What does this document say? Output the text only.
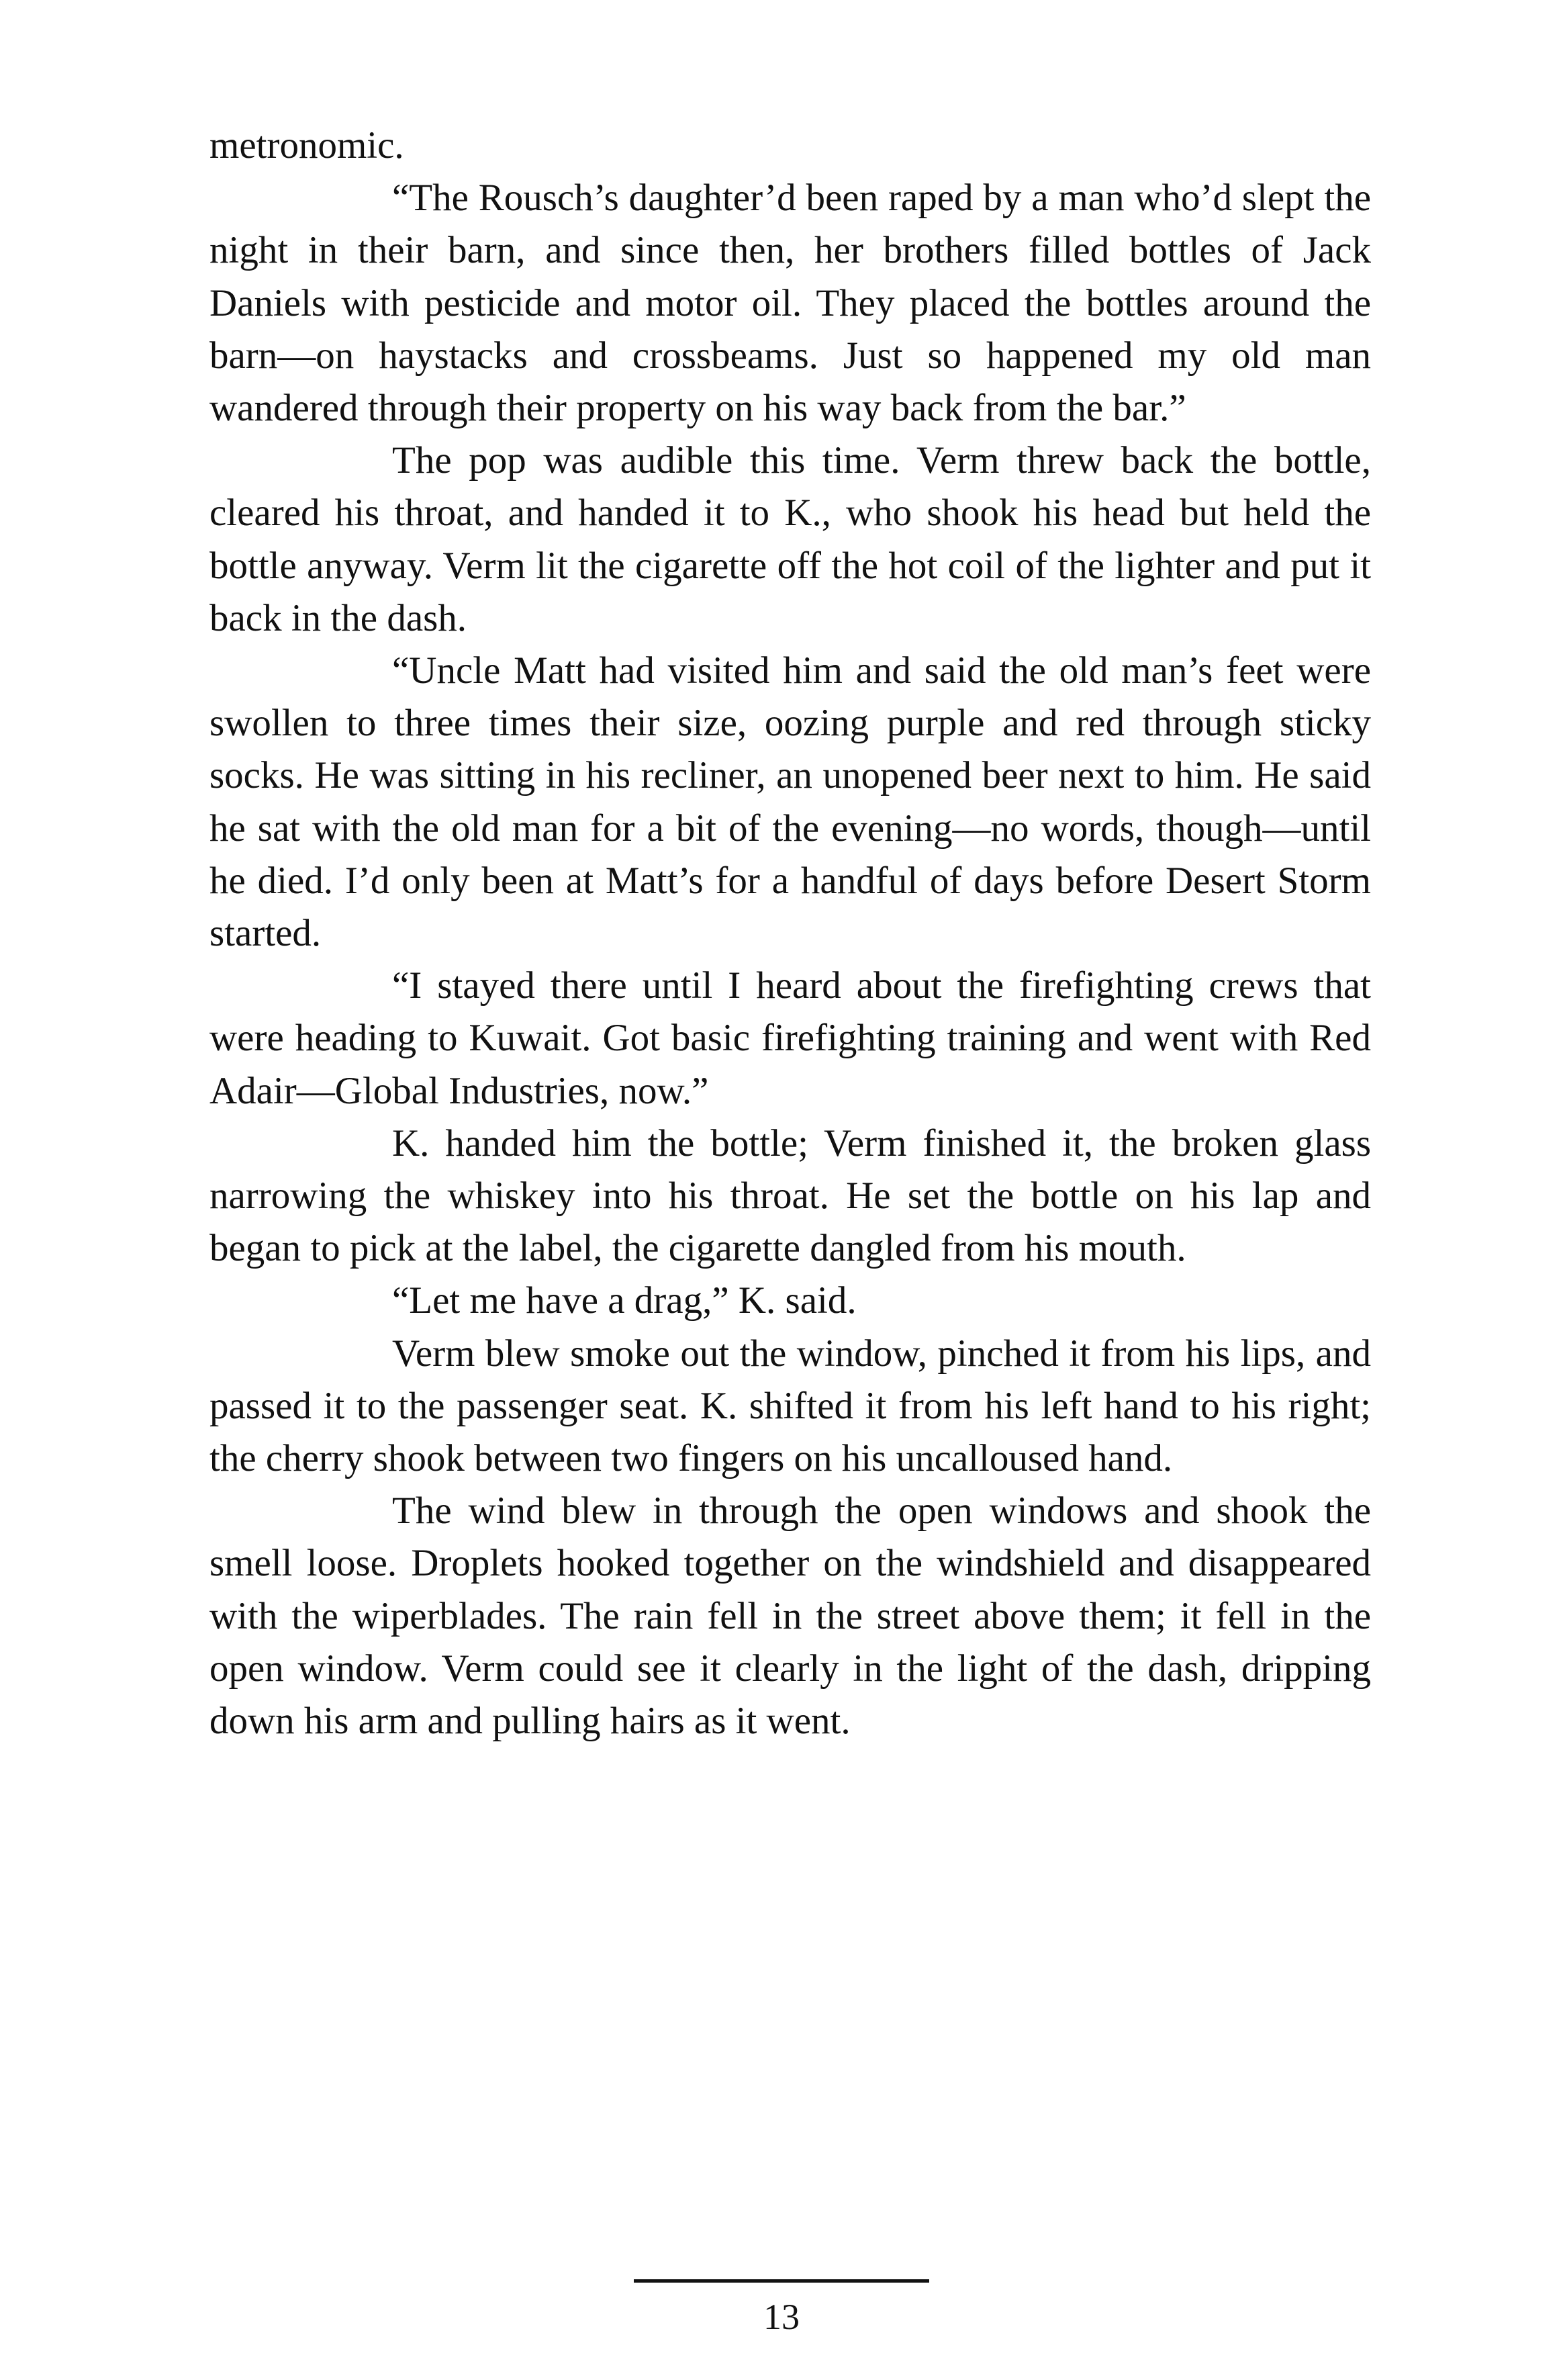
metronomic.

“The Rousch’s daughter’d been raped by a man who’d slept the night in their barn, and since then, her brothers filled bottles of Jack Daniels with pesticide and motor oil. They placed the bottles around the barn—on haystacks and crossbeams. Just so happened my old man wandered through their property on his way back from the bar.”

The pop was audible this time. Verm threw back the bottle, cleared his throat, and handed it to K., who shook his head but held the bottle anyway. Verm lit the cigarette off the hot coil of the lighter and put it back in the dash.

“Uncle Matt had visited him and said the old man’s feet were swollen to three times their size, oozing purple and red through sticky socks. He was sitting in his recliner, an unopened beer next to him. He said he sat with the old man for a bit of the evening—no words, though—until he died. I’d only been at Matt’s for a handful of days before Desert Storm started.

“I stayed there until I heard about the firefighting crews that were heading to Kuwait. Got basic firefighting training and went with Red Adair—Global Industries, now.”

K. handed him the bottle; Verm finished it, the broken glass narrowing the whiskey into his throat. He set the bottle on his lap and began to pick at the label, the cigarette dangled from his mouth.

“Let me have a drag,” K. said.

Verm blew smoke out the window, pinched it from his lips, and passed it to the passenger seat. K. shifted it from his left hand to his right; the cherry shook between two fingers on his uncalloused hand.

The wind blew in through the open windows and shook the smell loose. Droplets hooked together on the windshield and disappeared with the wiperblades. The rain fell in the street above them; it fell in the open window. Verm could see it clearly in the light of the dash, dripping down his arm and pulling hairs as it went.

13
